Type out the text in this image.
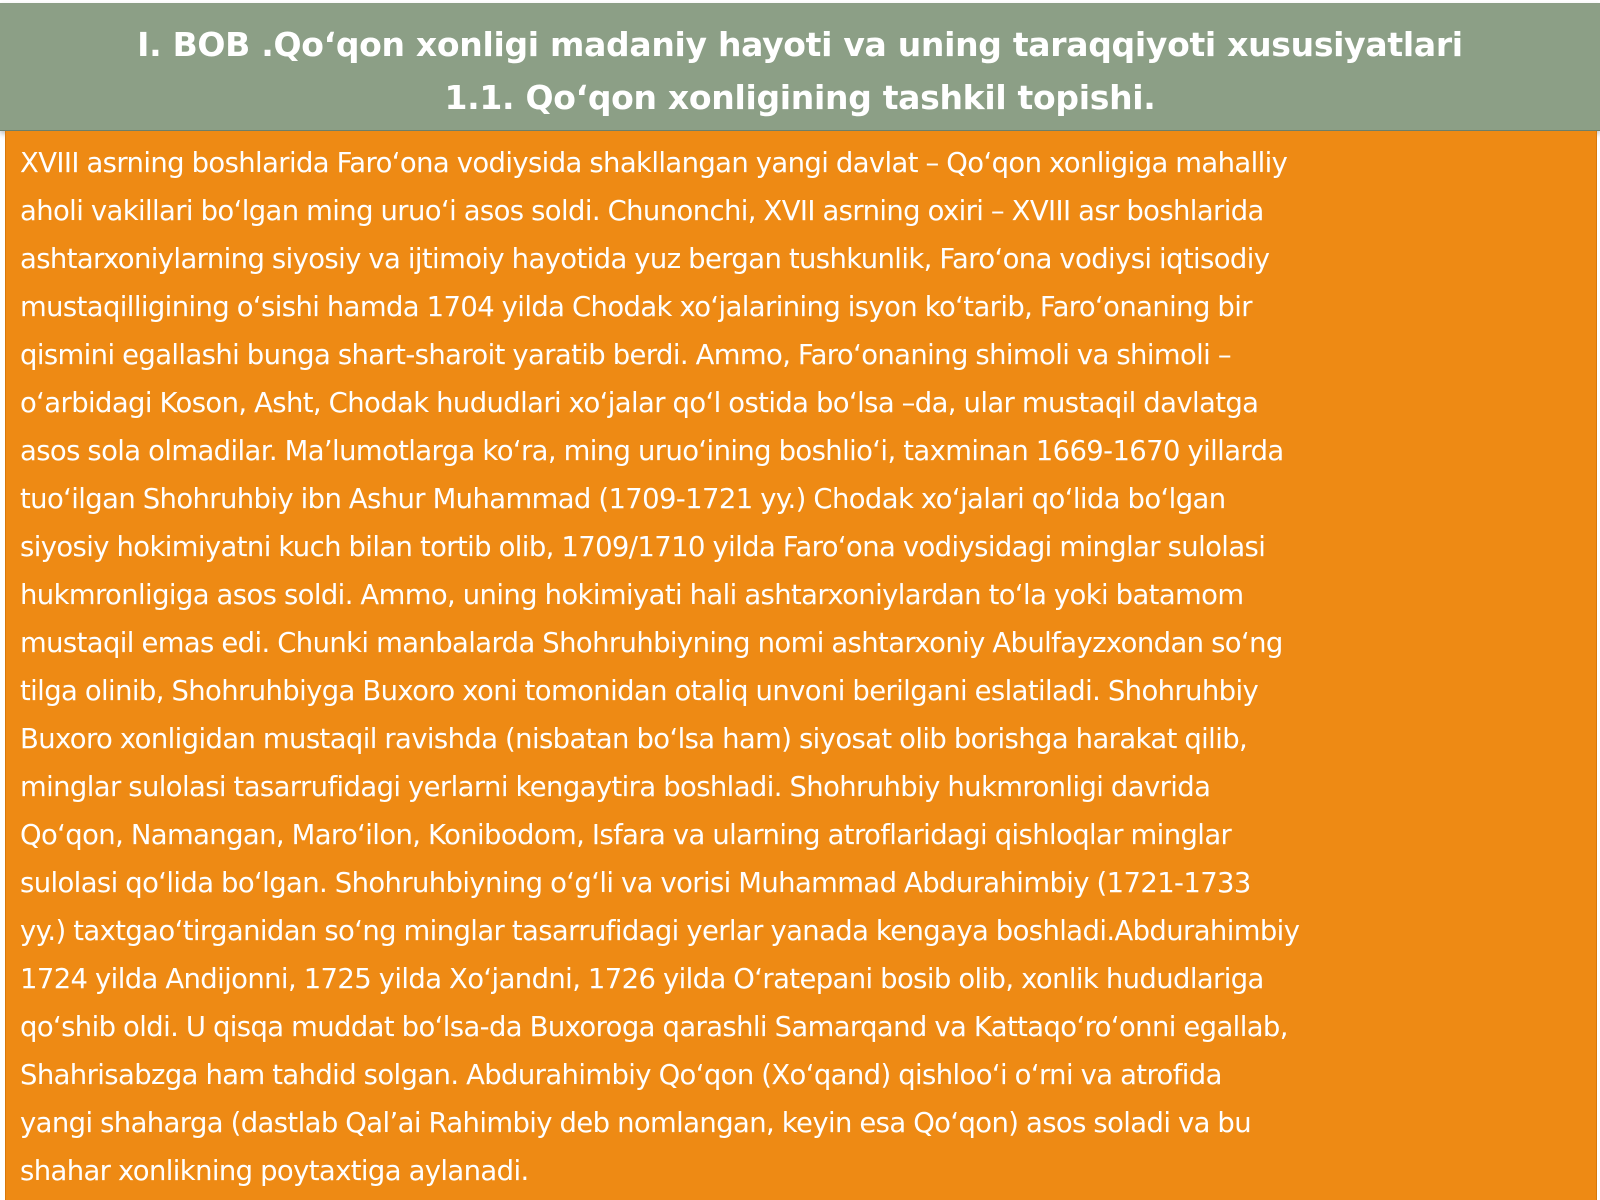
I. BOB .Qo‘qon xonligi madaniy hayoti va uning taraqqiyoti xususiyatlari
1.1. Qo‘qon xonligining tashkil topishi.
XVIII asrning boshlarida Faro‘ona vodiysida shakllangan yangi davlat – Qo‘qon xonligiga mahalliy
aholi vakillari bo‘lgan ming uruo‘i asos soldi. Chunonchi, XVII asrning oxiri – XVIII asr boshlarida
ashtarxoniylarning siyosiy va ijtimoiy hayotida yuz bergan tushkunlik, Faro‘ona vodiysi iqtisodiy
mustaqilligining o‘sishi hamda 1704 yilda Chodak xo‘jalarining isyon ko‘tarib, Faro‘onaning bir
qismini egallashi bunga shart-sharoit yaratib berdi. Ammo, Faro‘onaning shimoli va shimoli –
o‘arbidagi Koson, Asht, Chodak hududlari xo‘jalar qo‘l ostida bo‘lsa –da, ular mustaqil davlatga
asos sola olmadilar. Ma’lumotlarga ko‘ra, ming uruo‘ining boshlio‘i, taxminan 1669-1670 yillarda
tuo‘ilgan Shohruhbiy ibn Ashur Muhammad (1709-1721 yy.) Chodak xo‘jalari qo‘lida bo‘lgan
siyosiy hokimiyatni kuch bilan tortib olib, 1709/1710 yilda Faro‘ona vodiysidagi minglar sulolasi
hukmronligiga asos soldi. Ammo, uning hokimiyati hali ashtarxoniylardan to‘la yoki batamom
mustaqil emas edi. Chunki manbalarda Shohruhbiyning nomi ashtarxoniy Abulfayzxondan so‘ng
tilga olinib, Shohruhbiyga Buxoro xoni tomonidan otaliq unvoni berilgani eslatiladi. Shohruhbiy
Buxoro xonligidan mustaqil ravishda (nisbatan bo‘lsa ham) siyosat olib borishga harakat qilib,
minglar sulolasi tasarrufidagi yerlarni kengaytira boshladi. Shohruhbiy hukmronligi davrida
Qo‘qon, Namangan, Maro‘ilon, Konibodom, Isfara va ularning atroflaridagi qishloqlar minglar
sulolasi qo‘lida bo‘lgan. Shohruhbiyning o‘g‘li va vorisi Muhammad Abdurahimbiy (1721-1733
yy.) taxtgao‘tirganidan so‘ng minglar tasarrufidagi yerlar yanada kengaya boshladi.Abdurahimbiy
1724 yilda Andijonni, 1725 yilda Xo‘jandni, 1726 yilda O‘ratepani bosib olib, xonlik hududlariga
qo‘shib oldi. U qisqa muddat bo‘lsa-da Buxoroga qarashli Samarqand va Kattaqo‘ro‘onni egallab,
Shahrisabzga ham tahdid solgan. Abdurahimbiy Qo‘qon (Xo‘qand) qishloo‘i o‘rni va atrofida
yangi shaharga (dastlab Qal’ai Rahimbiy deb nomlangan, keyin esa Qo‘qon) asos soladi va bu
shahar xonlikning poytaxtiga aylanadi.
